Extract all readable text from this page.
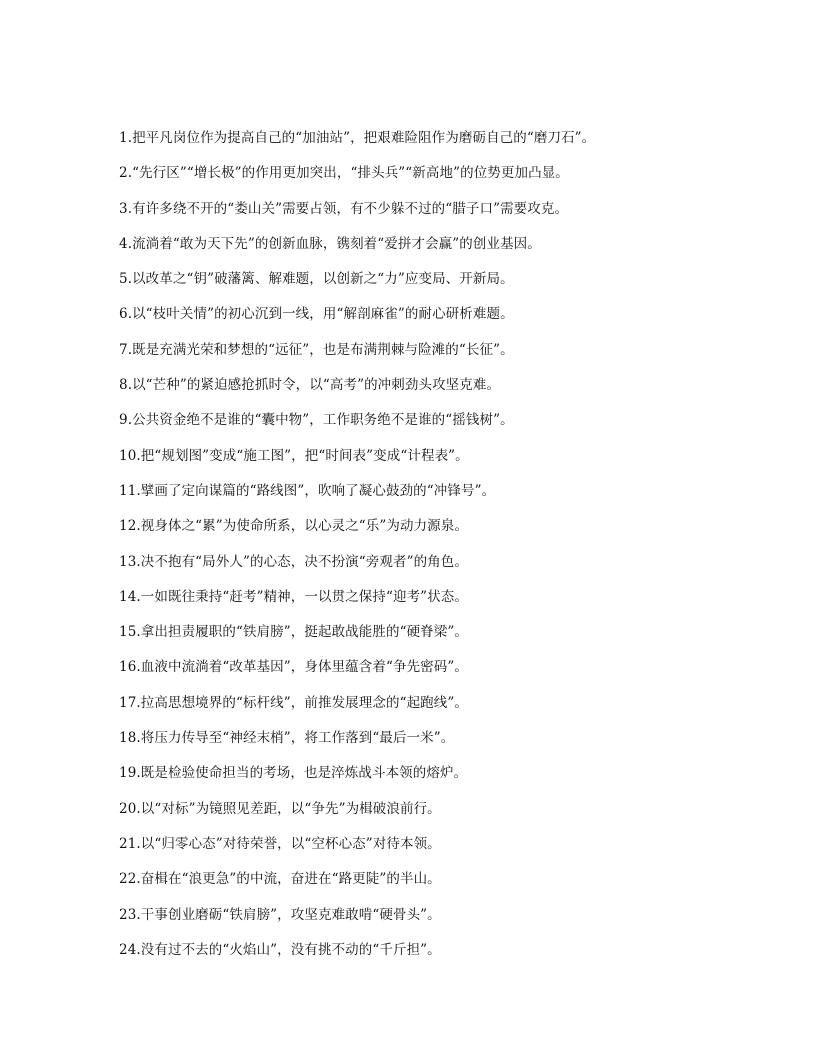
1.把平凡岗位作为提高自己的“加油站”，把艰难险阻作为磨砺自己的“磨刀石”。
2.“先行区”“增长极”的作用更加突出，“排头兵”“新高地”的位势更加凸显。
3.有许多绕不开的“娄山关”需要占领，有不少躲不过的“腊子口”需要攻克。
4.流淌着“敢为天下先”的创新血脉，镌刻着“爱拼才会赢”的创业基因。
5.以改革之“钥”破藩篱、解难题，以创新之“力”应变局、开新局。
6.以“枝叶关情”的初心沉到一线，用“解剖麻雀”的耐心研析难题。
7.既是充满光荣和梦想的“远征”，也是布满荆棘与险滩的“长征”。
8.以“芒种”的紧迫感抢抓时令，以“高考”的冲刺劲头攻坚克难。
9.公共资金绝不是谁的“囊中物”，工作职务绝不是谁的“摇钱树”。
10.把“规划图”变成“施工图”，把“时间表”变成“计程表”。
11.擘画了定向谋篇的“路线图”，吹响了凝心鼓劲的“冲锋号”。
12.视身体之“累”为使命所系，以心灵之“乐”为动力源泉。
13.决不抱有“局外人”的心态，决不扮演“旁观者”的角色。
14.一如既往秉持“赶考”精神，一以贯之保持“迎考”状态。
15.拿出担责履职的“铁肩膀”，挺起敢战能胜的“硬脊梁”。
16.血液中流淌着“改革基因”，身体里蕴含着“争先密码”。
17.拉高思想境界的“标杆线”，前推发展理念的“起跑线”。
18.将压力传导至“神经末梢”，将工作落到“最后一米”。
19.既是检验使命担当的考场，也是淬炼战斗本领的熔炉。
20.以“对标”为镜照见差距，以“争先”为楫破浪前行。
21.以“归零心态”对待荣誉，以“空杯心态”对待本领。
22.奋楫在“浪更急”的中流，奋进在“路更陡”的半山。
23.干事创业磨砺“铁肩膀”，攻坚克难敢啃“硬骨头”。
24.没有过不去的“火焰山”，没有挑不动的“千斤担”。
